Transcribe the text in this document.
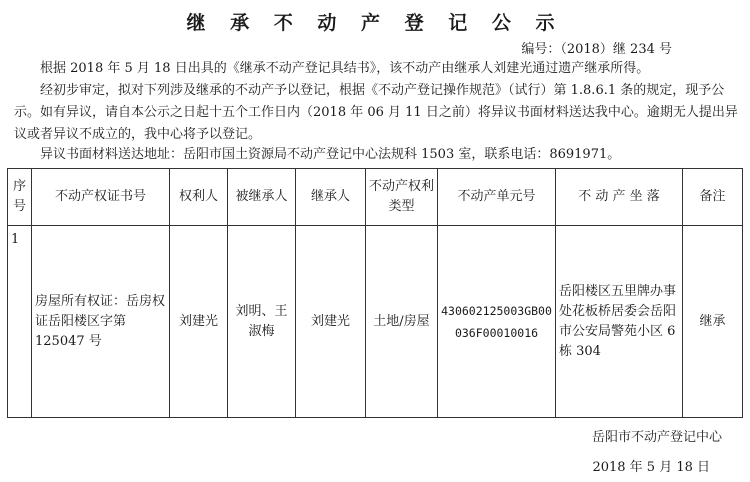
继 承 不 动 产 登 记 公 示
编号：（2018）继 234 号
根据 2018 年 5 月 18 日出具的《继承不动产登记具结书》，该不动产由继承人刘建光通过遗产继承所得。
经初步审定，拟对下列涉及继承的不动产予以登记，根据《不动产登记操作规范》（试行）第 1.8.6.1 条的规定，现予公示。如有异议，请自本公示之日起十五个工作日内（2018 年 06 月 11 日之前）将异议书面材料送达我中心。逾期无人提出异议或者异议不成立的，我中心将予以登记。
异议书面材料送达地址：岳阳市国土资源局不动产登记中心法规科 1503 室，联系电话：8691971。
序号	不动产权证书号	权利人	被继承人	继承人	不动产权利类型	不动产单元号	不 动 产 坐 落	备注
1	房屋所有权证：岳房权证岳阳楼区字第 125047 号	刘建光	刘明、王淑梅	刘建光	土地/房屋	430602125003GB00036F00010016	岳阳楼区五里牌办事处花板桥居委会岳阳市公安局警苑小区 6 栋 304	继承
岳阳市不动产登记中心
2018 年 5 月 18 日
